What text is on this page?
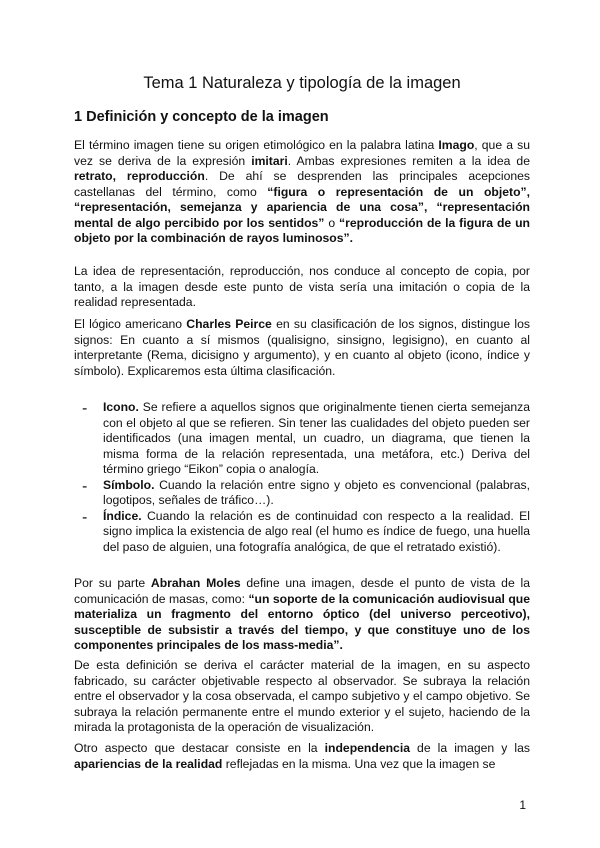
Tema 1 Naturaleza y tipología de la imagen
1 Definición y concepto de la imagen

El término imagen tiene su origen etimológico en la palabra latina Imago, que a su vez se deriva de la expresión imitari. Ambas expresiones remiten a la idea de retrato, reproducción. De ahí se desprenden las principales acepciones castellanas del término, como “figura o representación de un objeto”, “representación, semejanza y apariencia de una cosa”, “representación mental de algo percibido por los sentidos” o “reproducción de la figura de un objeto por la combinación de rayos luminosos”.

La idea de representación, reproducción, nos conduce al concepto de copia, por tanto, a la imagen desde este punto de vista sería una imitación o copia de la realidad representada.

El lógico americano Charles Peirce en su clasificación de los signos, distingue los signos: En cuanto a sí mismos (qualisigno, sinsigno, legisigno), en cuanto al interpretante (Rema, dicisigno y argumento), y en cuanto al objeto (icono, índice y símbolo). Explicaremos esta última clasificación.

- Icono. Se refiere a aquellos signos que originalmente tienen cierta semejanza con el objeto al que se refieren. Sin tener las cualidades del objeto pueden ser identificados (una imagen mental, un cuadro, un diagrama, que tienen la misma forma de la relación representada, una metáfora, etc.) Deriva del término griego “Eikon” copia o analogía.

- Símbolo. Cuando la relación entre signo y objeto es convencional (palabras, logotipos, señales de tráfico…).

- Índice. Cuando la relación es de continuidad con respecto a la realidad. El signo implica la existencia de algo real (el humo es índice de fuego, una huella del paso de alguien, una fotografía analógica, de que el retratado existió).

Por su parte Abrahan Moles define una imagen, desde el punto de vista de la comunicación de masas, como: “un soporte de la comunicación audiovisual que materializa un fragmento del entorno óptico (del universo perceotivo), susceptible de subsistir a través del tiempo, y que constituye uno de los componentes principales de los mass-media”.

De esta definición se deriva el carácter material de la imagen, en su aspecto fabricado, su carácter objetivable respecto al observador. Se subraya la relación entre el observador y la cosa observada, el campo subjetivo y el campo objetivo. Se subraya la relación permanente entre el mundo exterior y el sujeto, haciendo de la mirada la protagonista de la operación de visualización.

Otro aspecto que destacar consiste en la independencia de la imagen y las apariencias de la realidad reflejadas en la misma. Una vez que la imagen se

1
